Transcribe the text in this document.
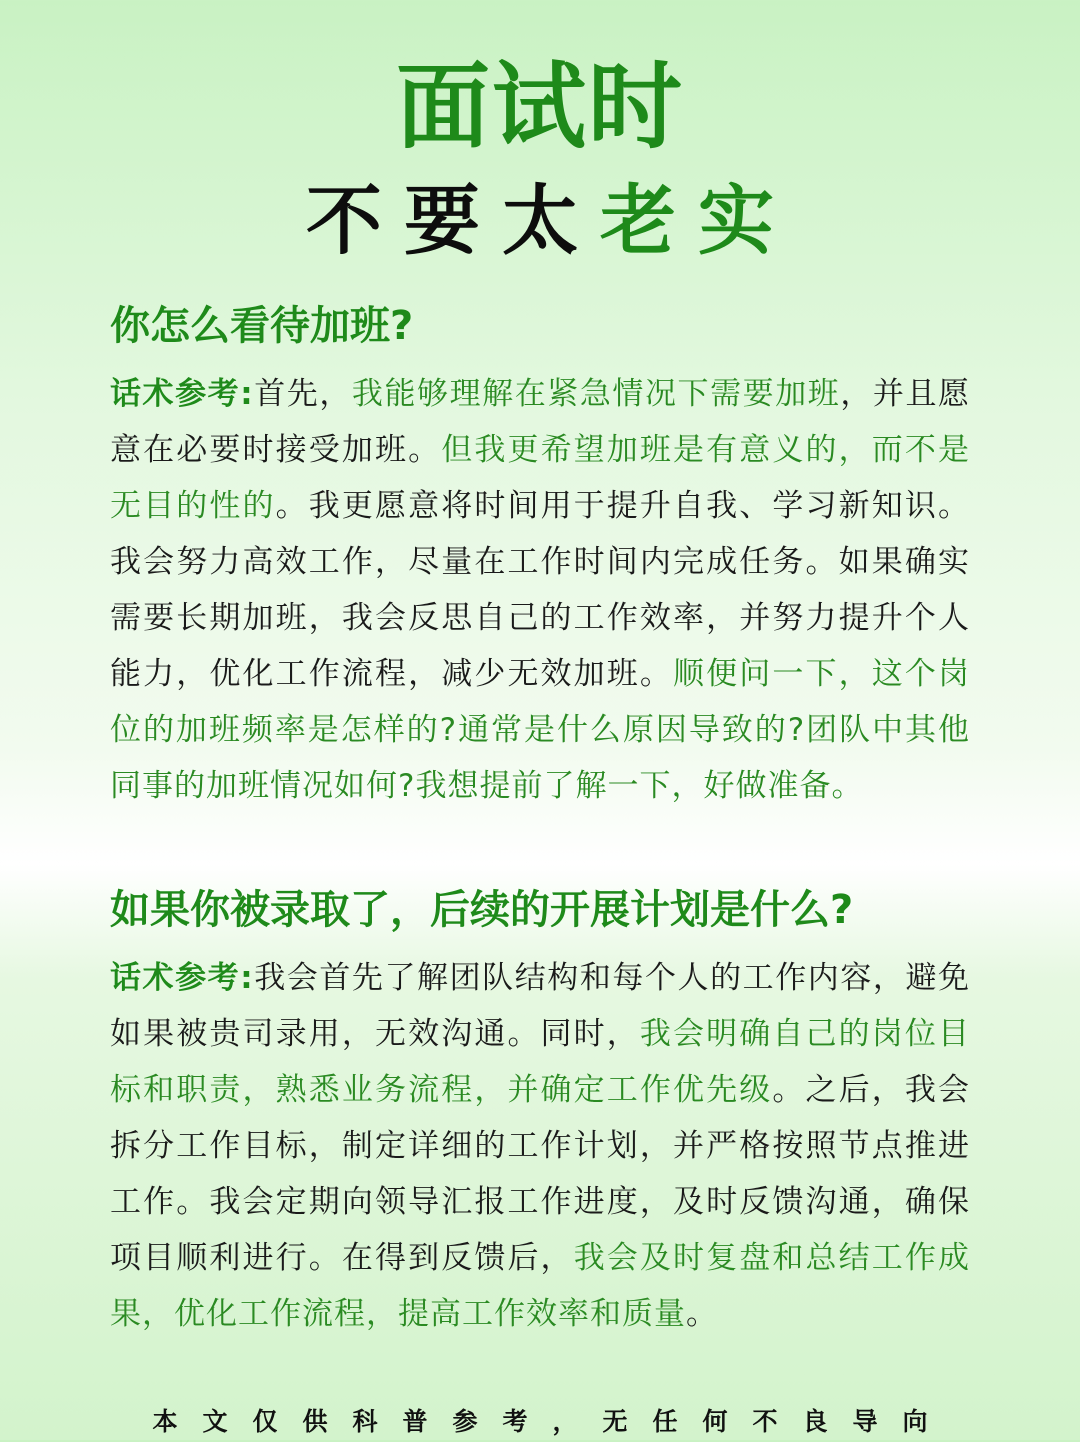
面试时
不要太老实
你怎么看待加班?
话术参考:首先，我能够理解在紧急情况下需要加班，并且愿意在必要时接受加班。但我更希望加班是有意义的，而不是无目的性的。我更愿意将时间用于提升自我、学习新知识。我会努力高效工作，尽量在工作时间内完成任务。如果确实需要长期加班，我会反思自己的工作效率，并努力提升个人能力，优化工作流程，减少无效加班。顺便问一下，这个岗位的加班频率是怎样的?通常是什么原因导致的?团队中其他同事的加班情况如何?我想提前了解一下，好做准备。
如果你被录取了，后续的开展计划是什么?
话术参考:我会首先了解团队结构和每个人的工作内容，避免如果被贵司录用，无效沟通。同时，我会明确自己的岗位目标和职责，熟悉业务流程，并确定工作优先级。之后，我会拆分工作目标，制定详细的工作计划，并严格按照节点推进工作。我会定期向领导汇报工作进度，及时反馈沟通，确保项目顺利进行。在得到反馈后，我会及时复盘和总结工作成果，优化工作流程，提高工作效率和质量。
本文仅供科普参考，无任何不良导向
